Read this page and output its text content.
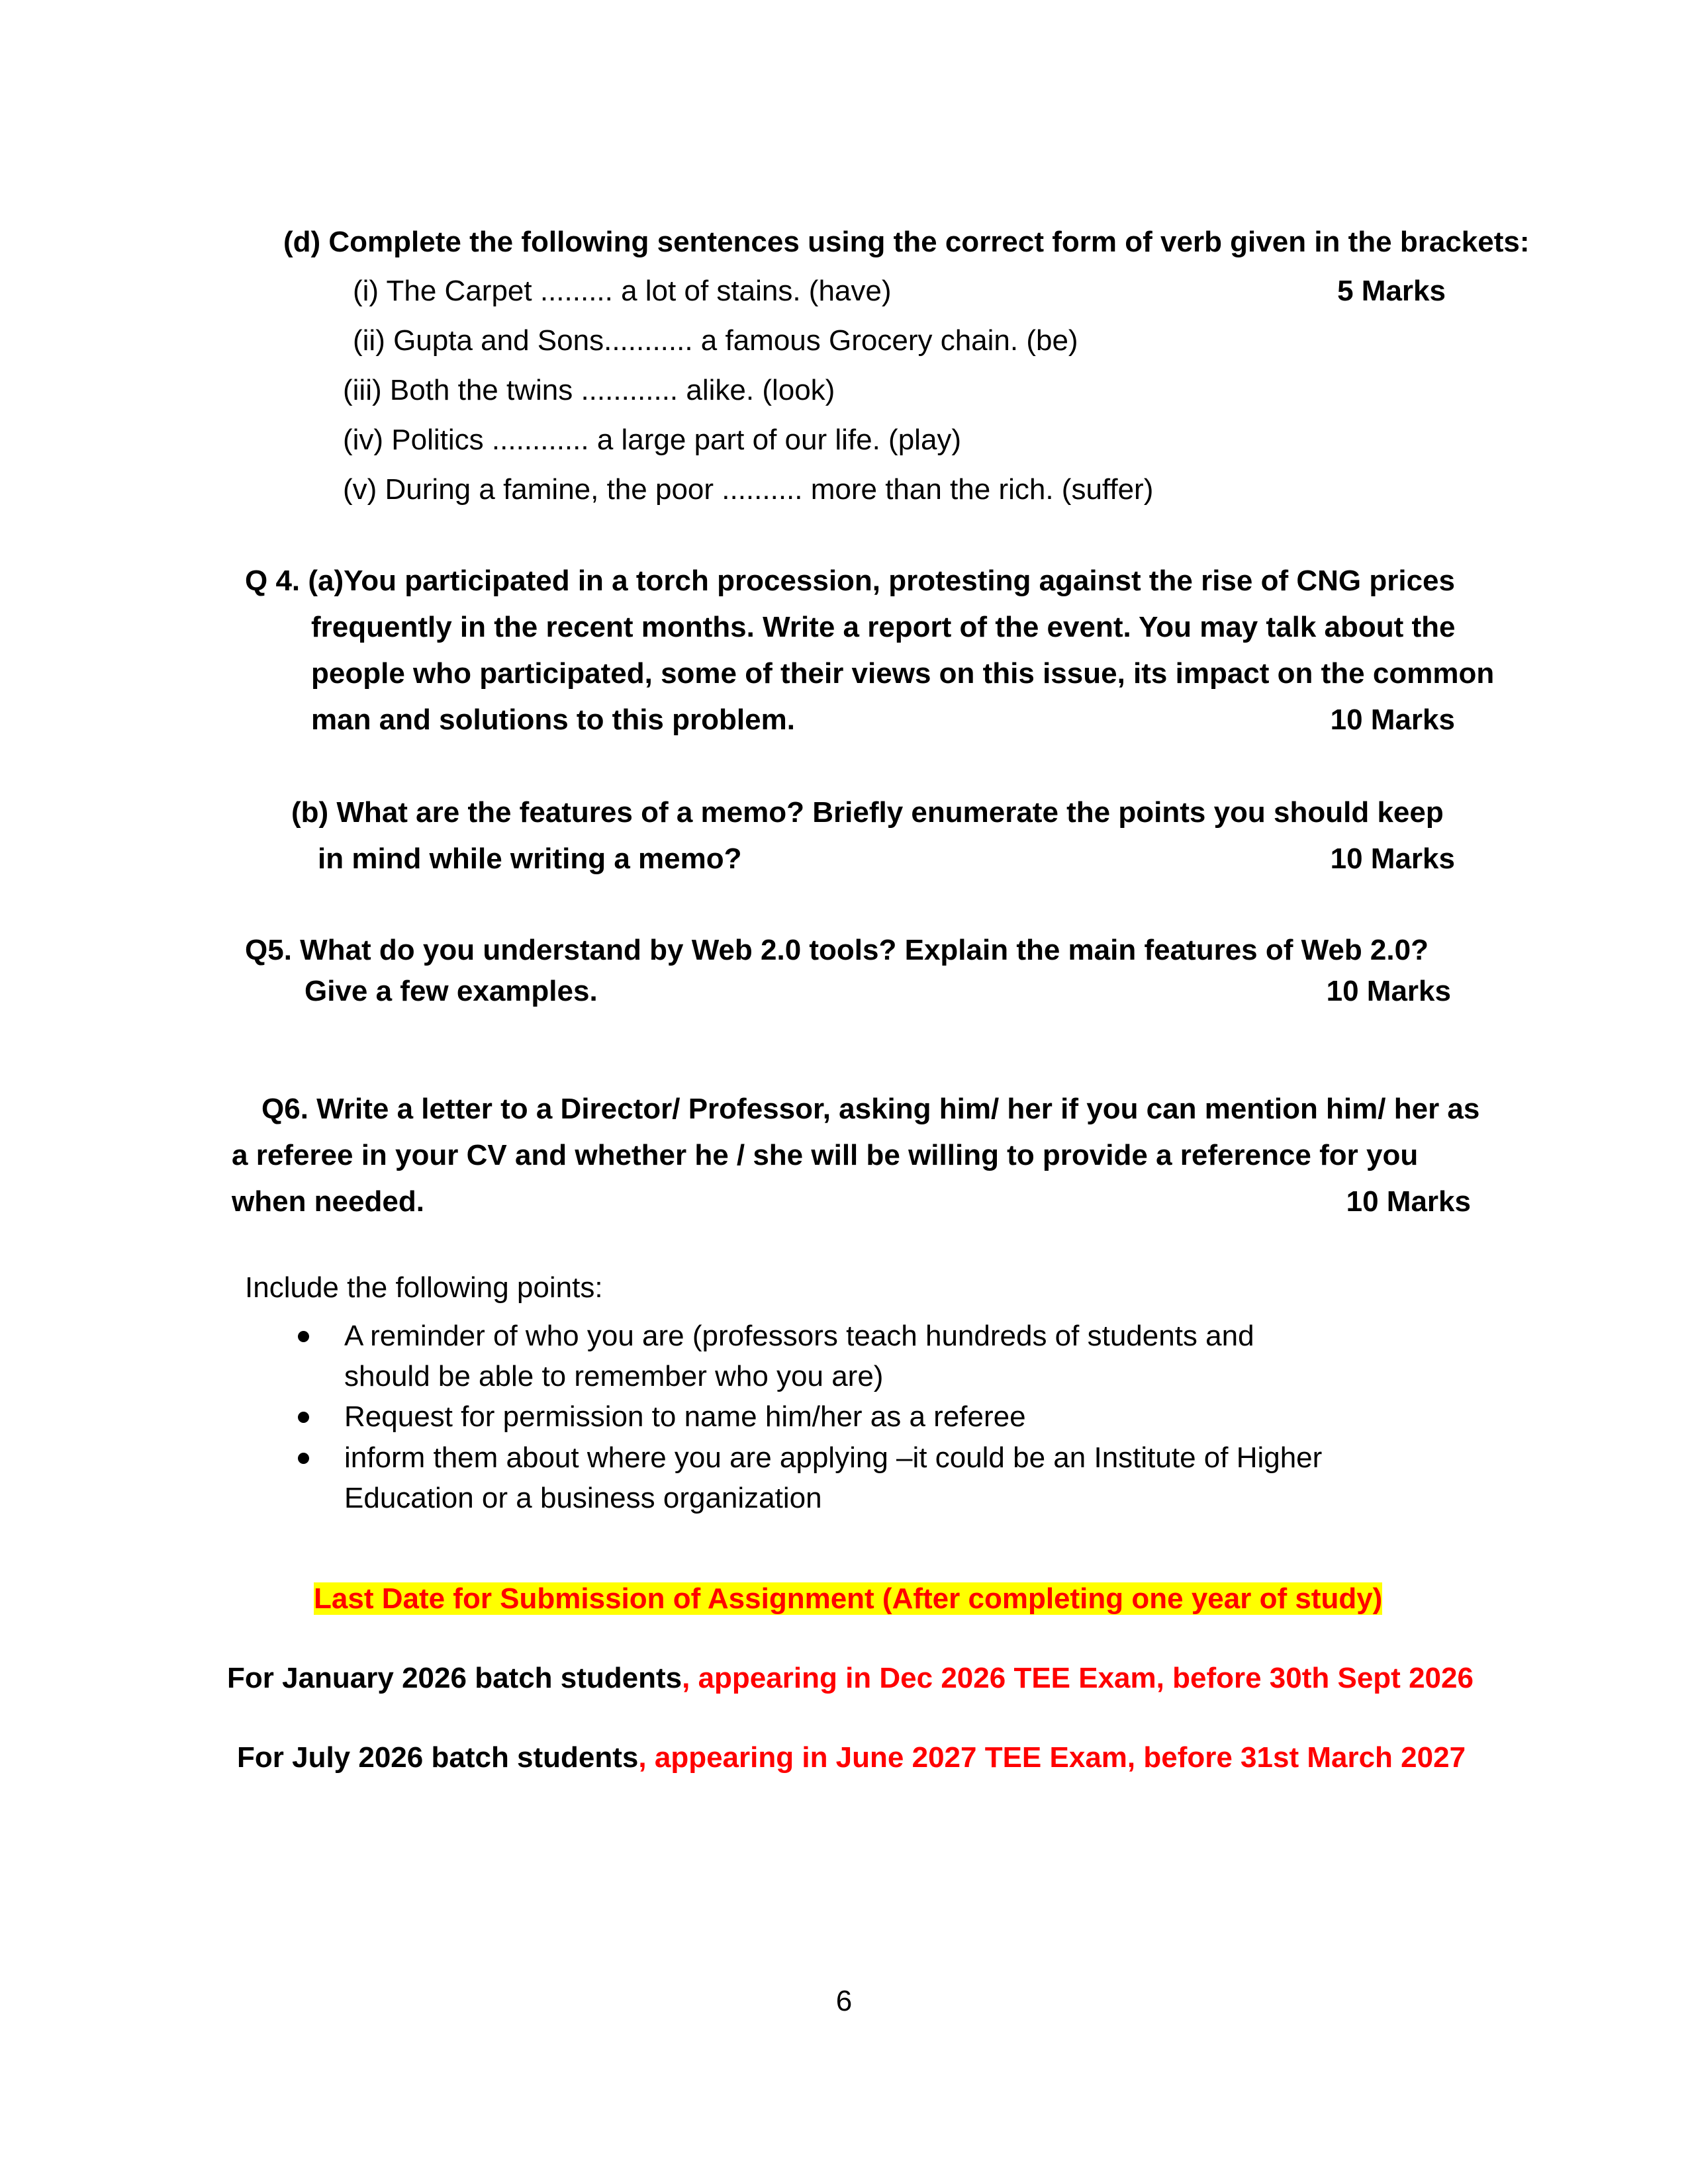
(d) Complete the following sentences using the correct form of verb given in the brackets:
(i) The Carpet ......... a lot of stains. (have)	5 Marks
(ii) Gupta and Sons........... a famous Grocery chain. (be)
(iii) Both the twins ............ alike. (look)
(iv) Politics ............ a large part of our life. (play)
(v) During a famine, the poor .......... more than the rich. (suffer)
Q 4. (a)You participated in a torch procession, protesting against the rise of CNG prices
frequently in the recent months. Write a report of the event. You may talk about the
people who participated, some of their views on this issue, its impact on the common
man and solutions to this problem.	10 Marks
(b) What are the features of a memo? Briefly enumerate the points you should keep
in mind while writing a memo?	10 Marks
Q5. What do you understand by Web 2.0 tools? Explain the main features of Web 2.0?
Give a few examples.	10 Marks
Q6. Write a letter to a Director/ Professor, asking him/ her if you can mention him/ her as
a referee in your CV and whether he / she will be willing to provide a reference for you
when needed.	10 Marks
Include the following points:
A reminder of who you are (professors teach hundreds of students and
should be able to remember who you are)
Request for permission to name him/her as a referee
inform them about where you are applying –it could be an Institute of Higher
Education or a business organization
Last Date for Submission of Assignment (After completing one year of study)
For January 2026 batch students, appearing in Dec 2026 TEE Exam, before 30th Sept 2026
For July 2026 batch students, appearing in June 2027 TEE Exam, before 31st March 2027
6
